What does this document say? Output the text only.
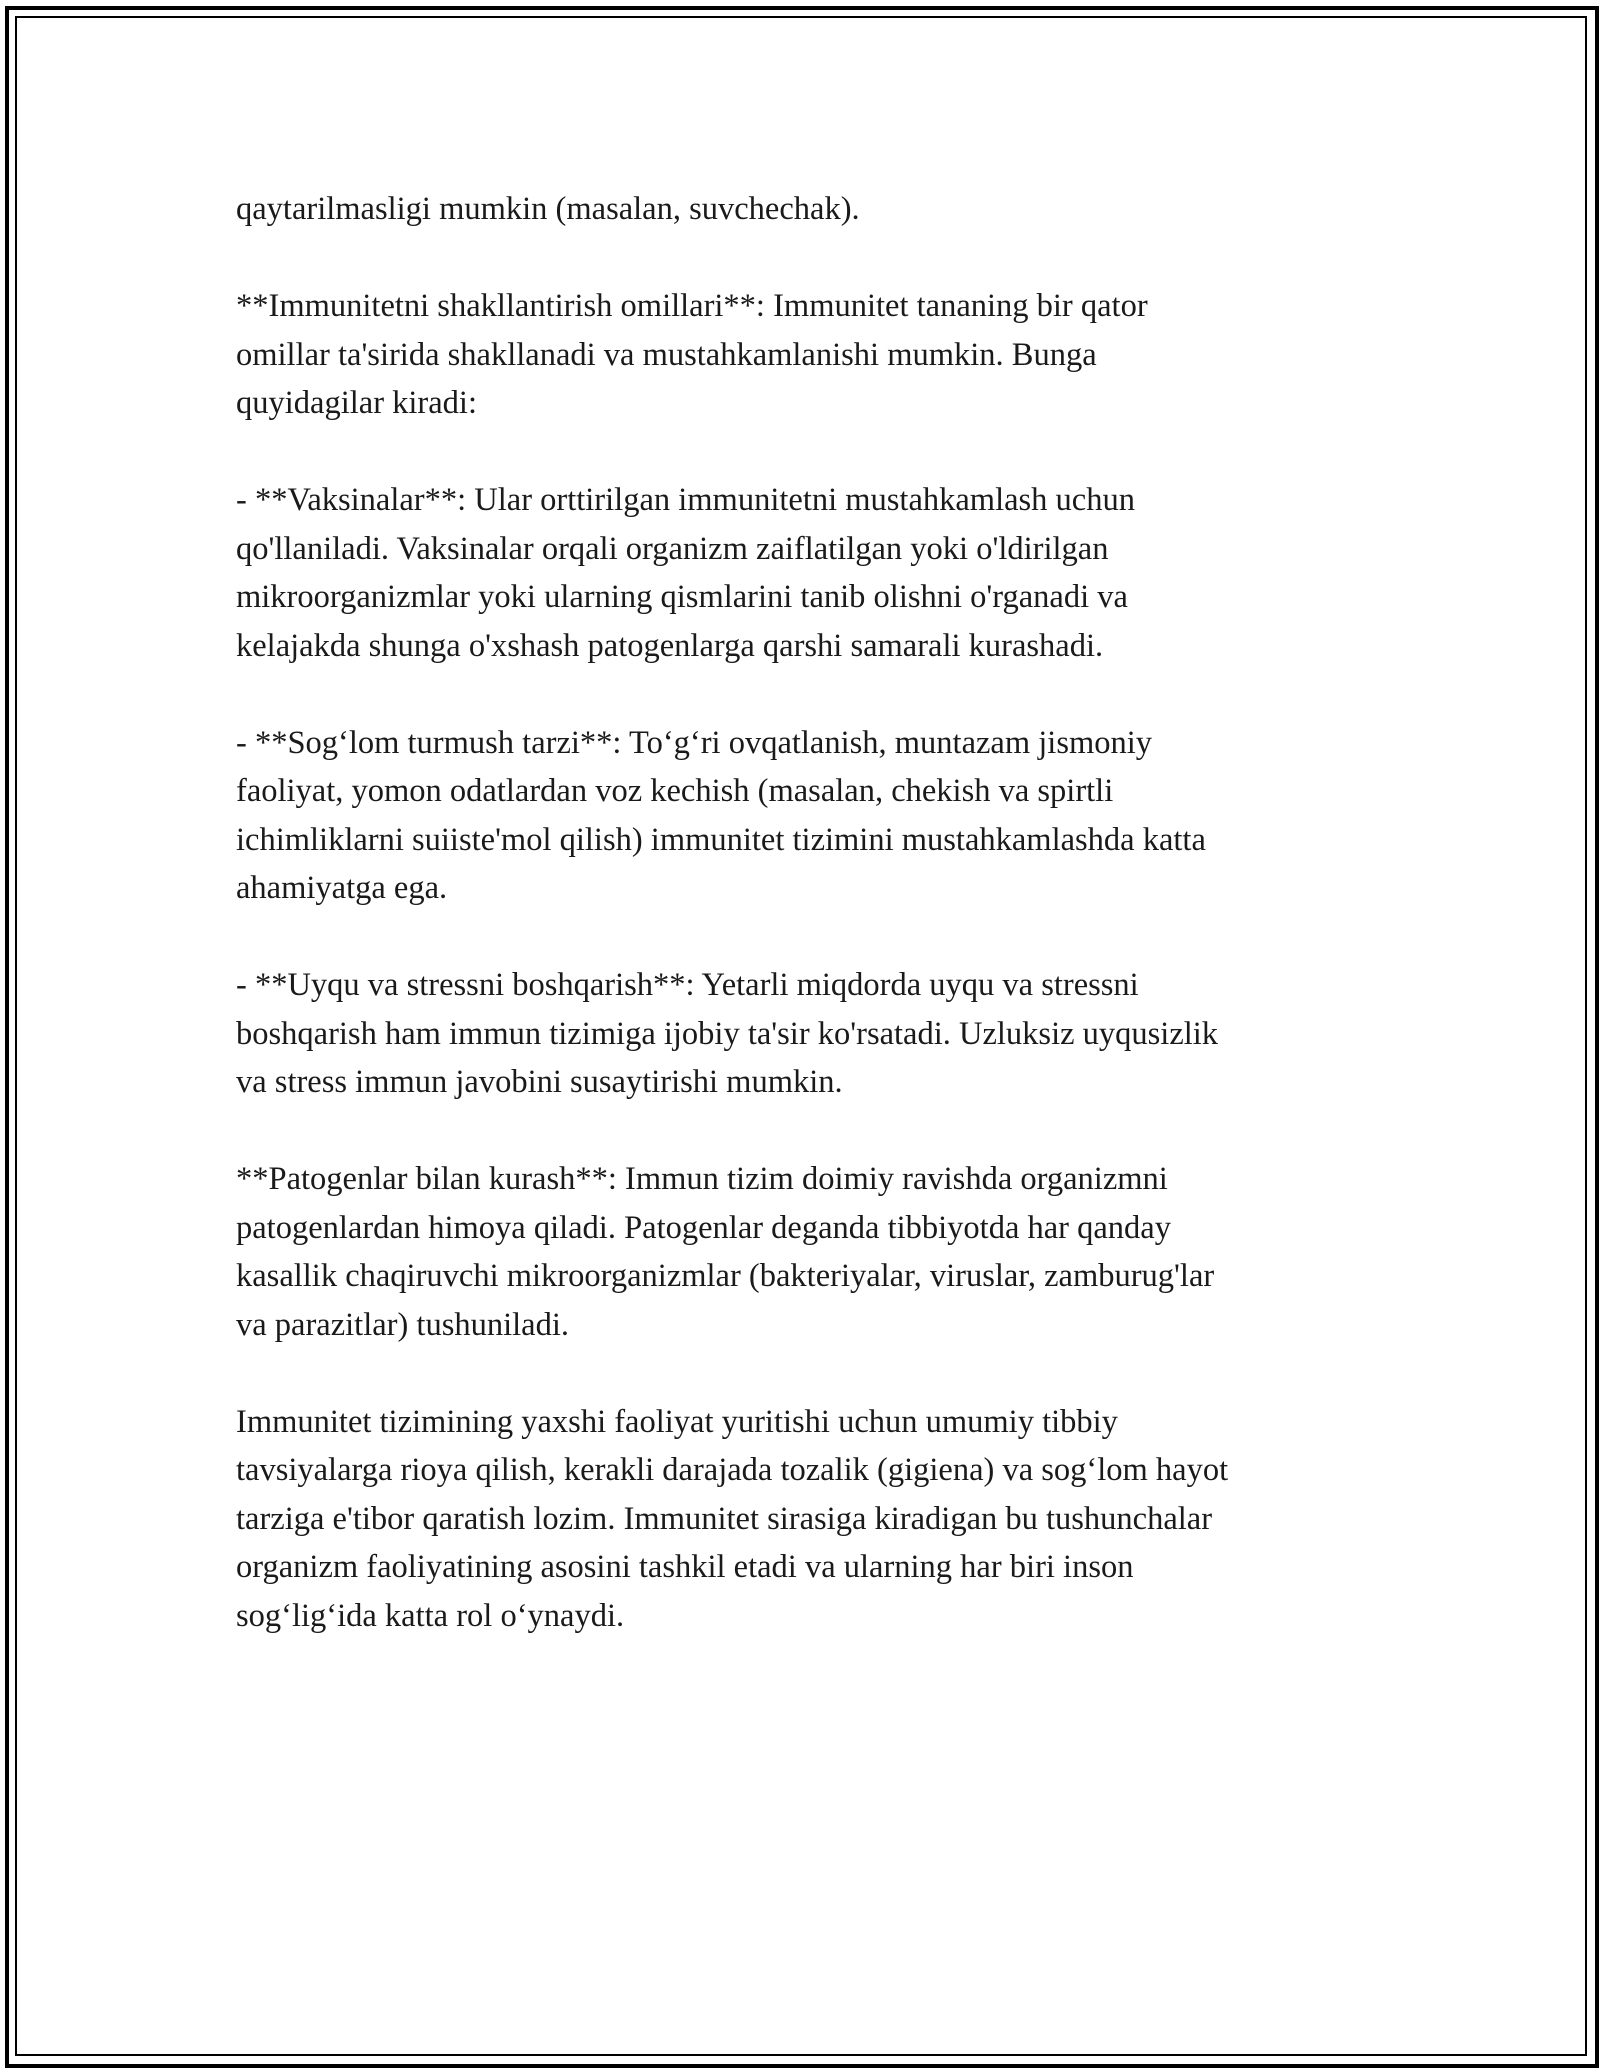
qaytarilmasligi mumkin (masalan, suvchechak).

**Immunitetni shakllantirish omillari**: Immunitet tananing bir qator
omillar ta'sirida shakllanadi va mustahkamlanishi mumkin. Bunga
quyidagilar kiradi:

- **Vaksinalar**: Ular orttirilgan immunitetni mustahkamlash uchun
qo'llaniladi. Vaksinalar orqali organizm zaiflatilgan yoki o'ldirilgan
mikroorganizmlar yoki ularning qismlarini tanib olishni o'rganadi va
kelajakda shunga o'xshash patogenlarga qarshi samarali kurashadi.

- **Sog‘lom turmush tarzi**: To‘g‘ri ovqatlanish, muntazam jismoniy
faoliyat, yomon odatlardan voz kechish (masalan, chekish va spirtli
ichimliklarni suiiste'mol qilish) immunitet tizimini mustahkamlashda katta
ahamiyatga ega.

- **Uyqu va stressni boshqarish**: Yetarli miqdorda uyqu va stressni
boshqarish ham immun tizimiga ijobiy ta'sir ko'rsatadi. Uzluksiz uyqusizlik
va stress immun javobini susaytirishi mumkin.

**Patogenlar bilan kurash**: Immun tizim doimiy ravishda organizmni
patogenlardan himoya qiladi. Patogenlar deganda tibbiyotda har qanday
kasallik chaqiruvchi mikroorganizmlar (bakteriyalar, viruslar, zamburug'lar
va parazitlar) tushuniladi.

Immunitet tizimining yaxshi faoliyat yuritishi uchun umumiy tibbiy
tavsiyalarga rioya qilish, kerakli darajada tozalik (gigiena) va sog‘lom hayot
tarziga e'tibor qaratish lozim. Immunitet sirasiga kiradigan bu tushunchalar
organizm faoliyatining asosini tashkil etadi va ularning har biri inson
sog‘lig‘ida katta rol o‘ynaydi.
